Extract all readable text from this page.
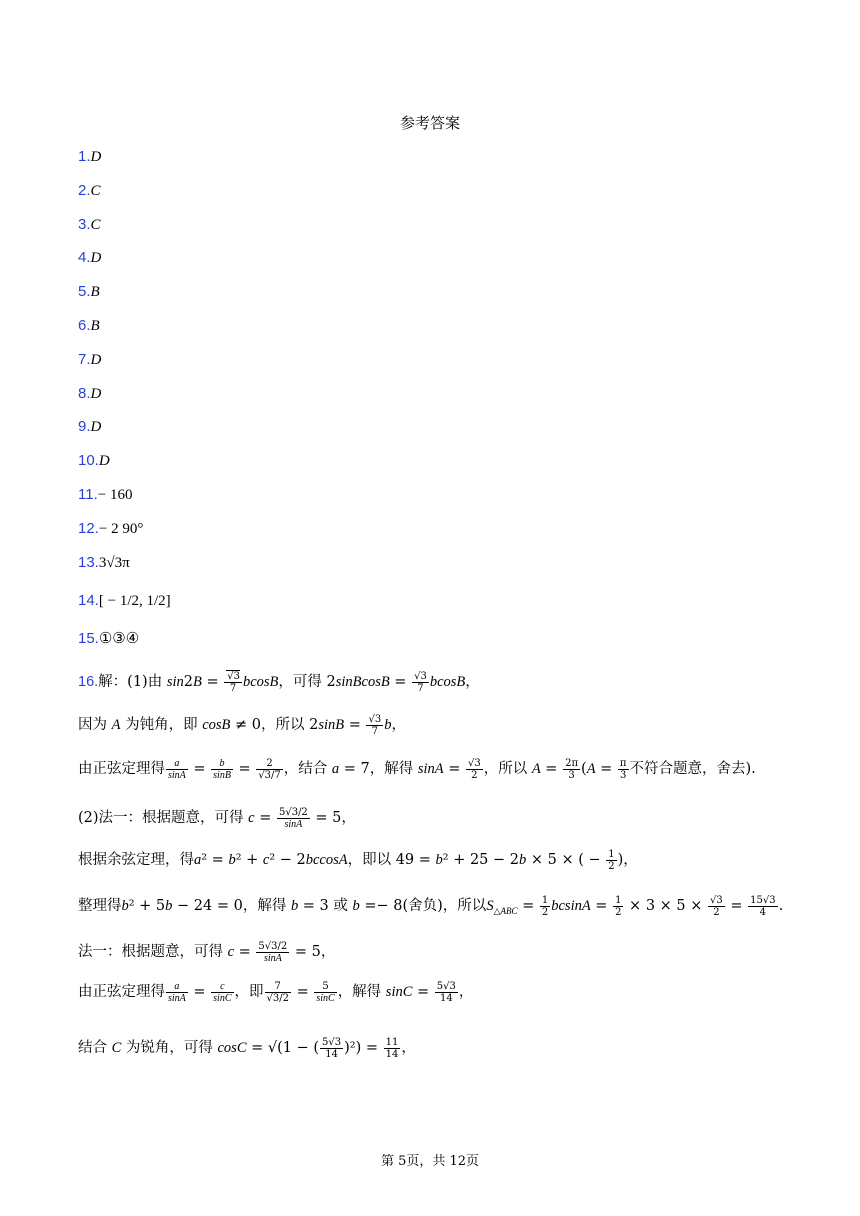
参考答案
1.D
2.C
3.C
4.D
5.B
6.B
7.D
8.D
9.D
10.D
11.− 160
12.− 2 90°
13.3√3π
14.[ − 1/2, 1/2]
15.①③④
16.解：(1)由 $\sin 2B = \frac{√3}{7}$ bcosB，可得 2sinBcosB = $\frac{√3}{7}$ bcosB，
因为 A 为钝角，即 cosB ≠ 0，所以 $2\sin B = \frac{√3}{7}$ b，
由正弦定理得 $\frac{a}{\sin A} = \frac{b}{\sin B} = \frac{2}{√3/7}$ ，结合 a = 7，解得 $\sin A = \frac{√3}{2}$ ，所以 $A = \frac{2\pi}{3} (A = \frac{\pi}{3}$ 不符合题意，舍去).
(2)法一：根据题意，可得 $c = \frac{5√3/2}{\sin A} = 5$，
根据余弦定理，得a² = b² + c² − 2bccosA，即以 49 = b² + 25 − 2b × 5 × ( − $\frac{1}{2}$ )，
整理得b² + 5b − 24 = 0，解得 b = 3 或 b =− 8(舍负)，所以$S_{\triangle ABC} = \frac{1}{2}$ $bcsinA = \frac{1}{2} \times 3 \times 5 \times \frac{√3}{2} = \frac{15√3}{4}$ .
法一：根据题意，可得 $c = \frac{5√3/2}{\sin A} = 5$，
由正弦定理得 $\frac{a}{\sin A} = \frac{c}{\sin C}$ ，即 $\frac{7}{√3/2} = \frac{5}{\sin C}$ ，解得 $\sin C = \frac{5√3}{14}$ ，
结合 C 为锐角，可得 cosC = √(1 − ( $\frac{5√3}{14} )^2) = \frac{11}{14}$ ，
第 5页，共 12页
